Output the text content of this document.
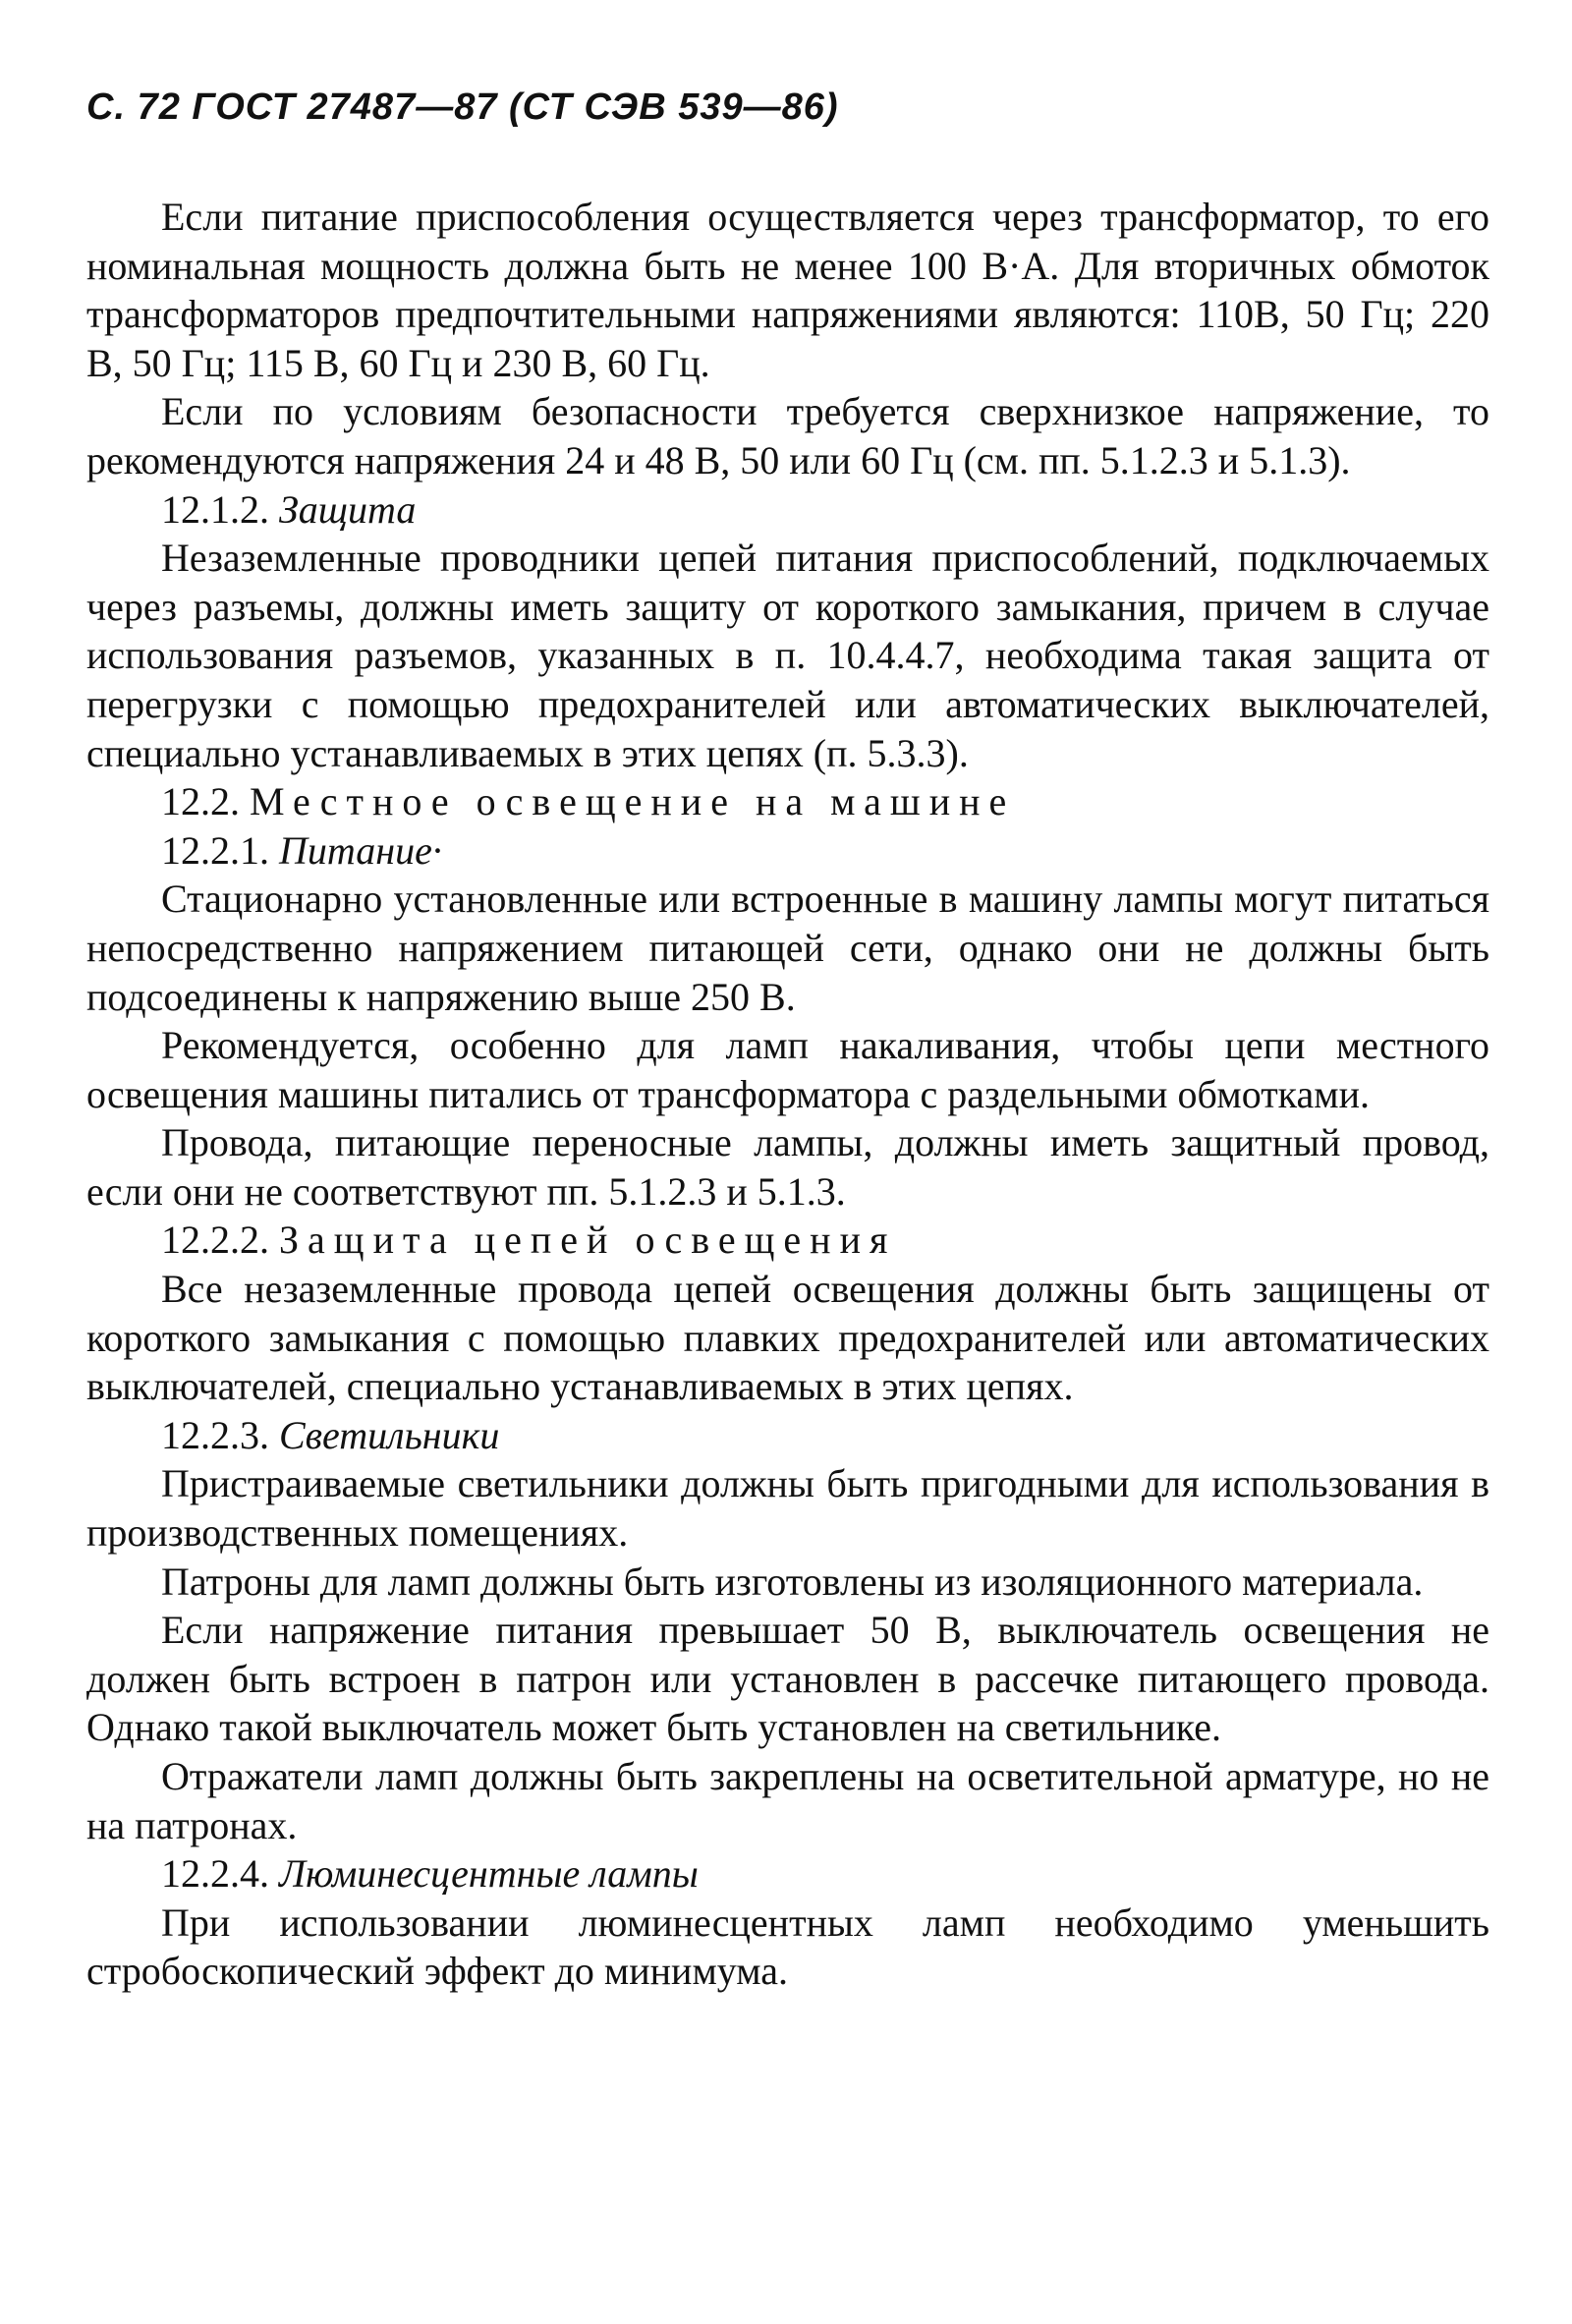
С. 72 ГОСТ 27487—87 (СТ СЭВ 539—86)

Если питание приспособления осуществляется через трансформатор, то его номинальная мощность должна быть не менее 100 В·А. Для вторичных обмоток трансформаторов предпочтительными напряжениями являются: 110В, 50 Гц; 220 В, 50 Гц; 115 В, 60 Гц и 230 В, 60 Гц.

Если по условиям безопасности требуется сверхнизкое напряжение, то рекомендуются напряжения 24 и 48 В, 50 или 60 Гц (см. пп. 5.1.2.3 и 5.1.3).

12.1.2. Защита

Незаземленные проводники цепей питания приспособлений, подключаемых через разъемы, должны иметь защиту от короткого замыкания, причем в случае использования разъемов, указанных в п. 10.4.4.7, необходима такая защита от перегрузки с помощью предохранителей или автоматических выключателей, специально устанавливаемых в этих цепях (п. 5.3.3).

12.2. Местное освещение на машине

12.2.1. Питание·

Стационарно установленные или встроенные в машину лампы могут питаться непосредственно напряжением питающей сети, однако они не должны быть подсоединены к напряжению выше 250 В.

Рекомендуется, особенно для ламп накаливания, чтобы цепи местного освещения машины питались от трансформатора с раздельными обмотками.

Провода, питающие переносные лампы, должны иметь защитный провод, если они не соответствуют пп. 5.1.2.3 и 5.1.3.

12.2.2. Защита цепей освещения

Все незаземленные провода цепей освещения должны быть защищены от короткого замыкания с помощью плавких предохранителей или автоматических выключателей, специально устанавливаемых в этих цепях.

12.2.3. Светильники

Пристраиваемые светильники должны быть пригодными для использования в производственных помещениях.

Патроны для ламп должны быть изготовлены из изоляционного материала.

Если напряжение питания превышает 50 В, выключатель освещения не должен быть встроен в патрон или установлен в рассечке питающего провода. Однако такой выключатель может быть установлен на светильнике.

Отражатели ламп должны быть закреплены на осветительной арматуре, но не на патронах.

12.2.4. Люминесцентные лампы

При использовании люминесцентных ламп необходимо уменьшить стробоскопический эффект до минимума.
